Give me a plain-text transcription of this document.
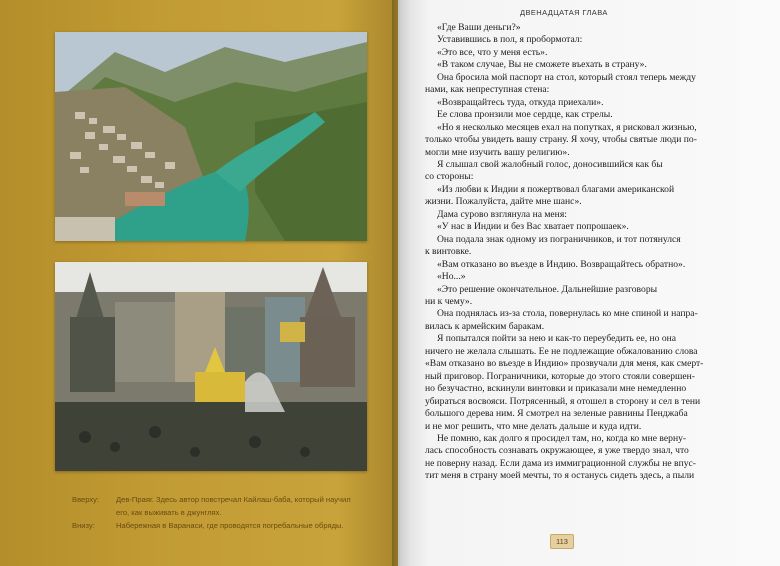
Вверху:	Дев-Праяг. Здесь автор повстречал Кайлаш-баба, который научил
его, как выживать в джунглях.
Внизу:	Набережная в Варанаси, где проводятся погребальные обряды.
ДВЕНАДЦАТАЯ ГЛАВА
«Где Ваши деньги?»
Уставившись в пол, я пробормотал:
«Это все, что у меня есть».
«В таком случае, Вы не сможете въехать в страну».
Она бросила мой паспорт на стол, который стоял теперь между
нами, как непреступная стена:
«Возвращайтесь туда, откуда приехали».
Ее слова пронзили мое сердце, как стрелы.
«Но я несколько месяцев ехал на попутках, я рисковал жизнью,
только чтобы увидеть вашу страну. Я хочу, чтобы святые люди по-
могли мне изучить вашу религию».
Я слышал свой жалобный голос, доносившийся как бы
со стороны:
«Из любви к Индии я пожертвовал благами американской
жизни. Пожалуйста, дайте мне шанс».
Дама сурово взглянула на меня:
«У нас в Индии и без Вас хватает попрошаек».
Она подала знак одному из пограничников, и тот потянулся
к винтовке.
«Вам отказано во въезде в Индию. Возвращайтесь обратно».
«Но...»
«Это решение окончательное. Дальнейшие разговоры
ни к чему».
Она поднялась из-за стола, повернулась ко мне спиной и напра-
вилась к армейским баракам.
Я попытался пойти за нею и как-то переубедить ее, но она
ничего не желала слышать. Ее не подлежащие обжалованию слова
«Вам отказано во въезде в Индию» прозвучали для меня, как смерт-
ный приговор. Пограничники, которые до этого стояли совершен-
но безучастно, вскинули винтовки и приказали мне немедленно
убираться восвояси. Потрясенный, я отошел в сторону и сел в тени
большого дерева ним. Я смотрел на зеленые равнины Пенджаба
и не мог решить, что мне делать дальше и куда идти.
Не помню, как долго я просидел там, но, когда ко мне верну-
лась способность сознавать окружающее, я уже твердо знал, что
не поверну назад. Если дама из иммиграционной службы не впус-
тит меня в страну моей мечты, то я останусь сидеть здесь, а пыли
113
